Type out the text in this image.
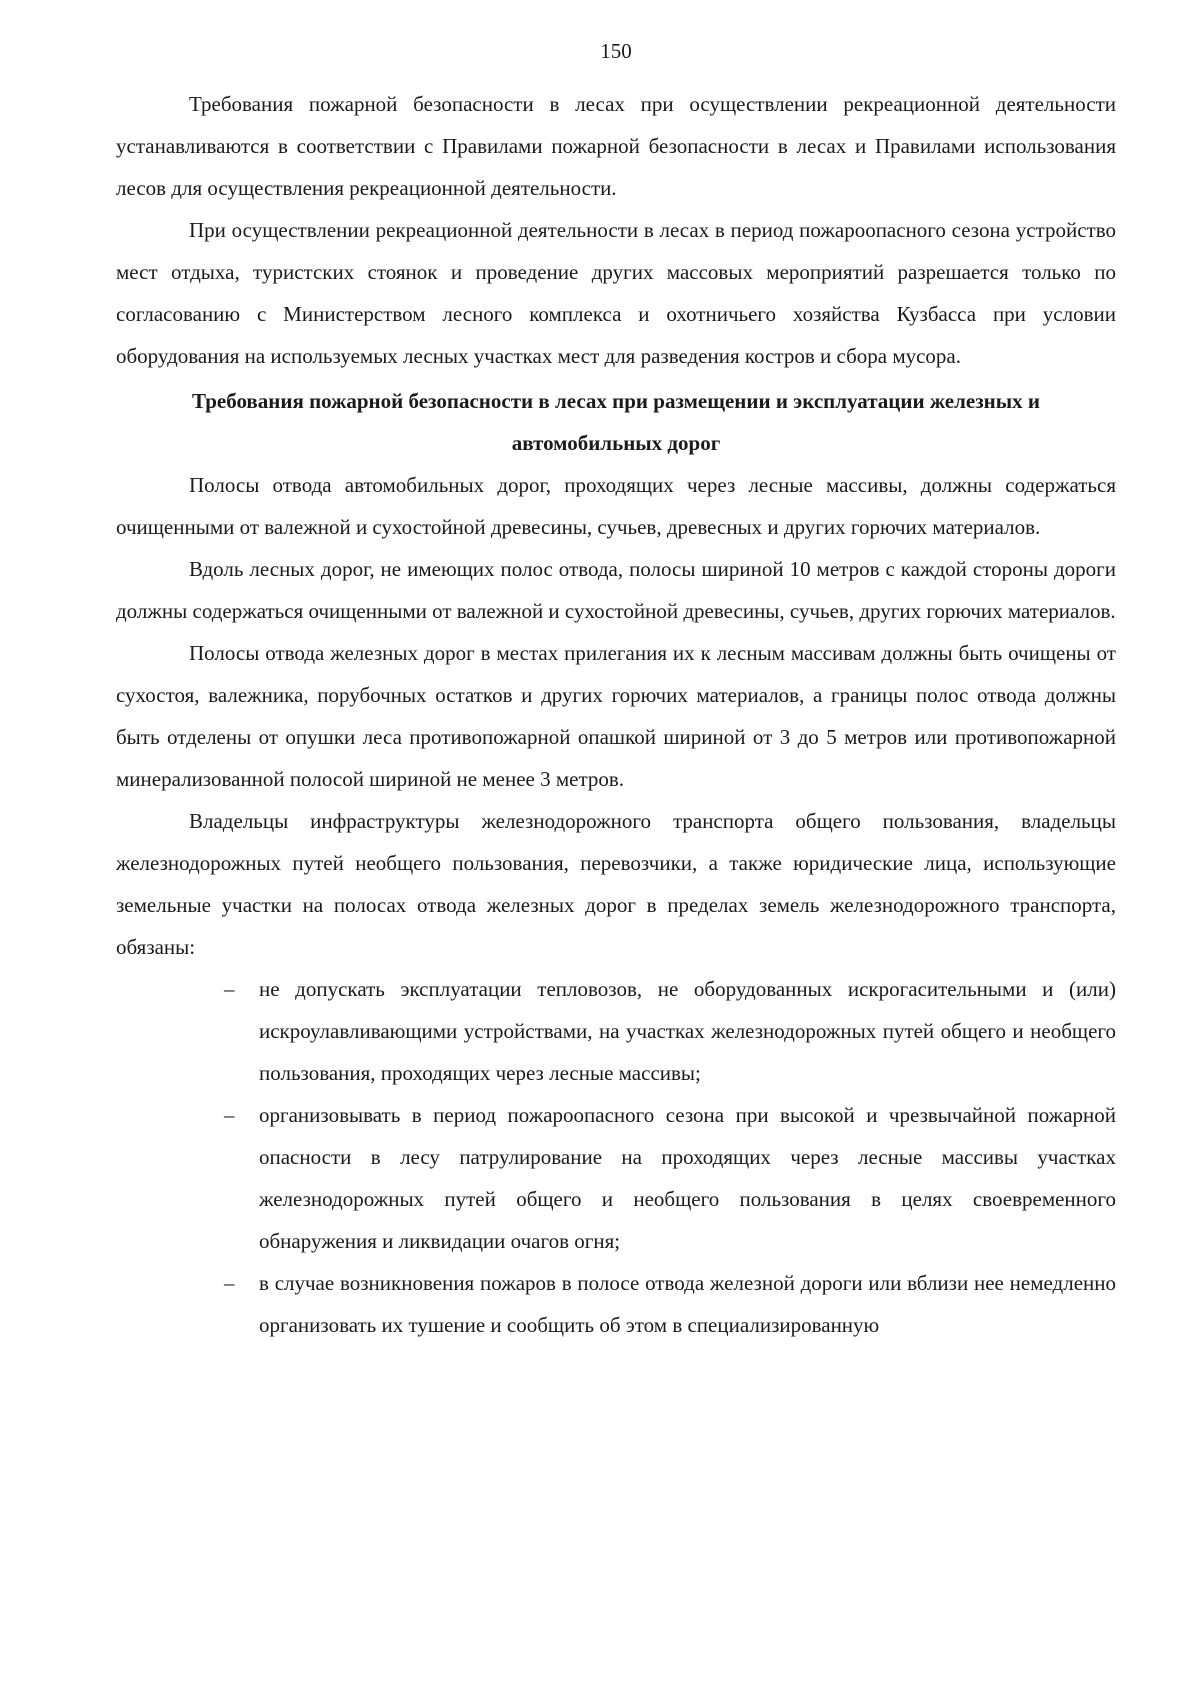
150

Требования пожарной безопасности в лесах при осуществлении рекреационной деятельности устанавливаются в соответствии с Правилами пожарной безопасности в лесах и Правилами использования лесов для осуществления рекреационной деятельности.

При осуществлении рекреационной деятельности в лесах в период пожароопасного сезона устройство мест отдыха, туристских стоянок и проведение других массовых мероприятий разрешается только по согласованию с Министерством лесного комплекса и охотничьего хозяйства Кузбасса при условии оборудования на используемых лесных участках мест для разведения костров и сбора мусора.

Требования пожарной безопасности в лесах при размещении и эксплуатации железных и автомобильных дорог

Полосы отвода автомобильных дорог, проходящих через лесные массивы, должны содержаться очищенными от валежной и сухостойной древесины, сучьев, древесных и других горючих материалов.

Вдоль лесных дорог, не имеющих полос отвода, полосы шириной 10 метров с каждой стороны дороги должны содержаться очищенными от валежной и сухостойной древесины, сучьев, других горючих материалов.

Полосы отвода железных дорог в местах прилегания их к лесным массивам должны быть очищены от сухостоя, валежника, порубочных остатков и других горючих материалов, а границы полос отвода должны быть отделены от опушки леса противопожарной опашкой шириной от 3 до 5 метров или противопожарной минерализованной полосой шириной не менее 3 метров.

Владельцы инфраструктуры железнодорожного транспорта общего пользования, владельцы железнодорожных путей необщего пользования, перевозчики, а также юридические лица, использующие земельные участки на полосах отвода железных дорог в пределах земель железнодорожного транспорта, обязаны:

– не допускать эксплуатации тепловозов, не оборудованных искрогасительными и (или) искроулавливающими устройствами, на участках железнодорожных путей общего и необщего пользования, проходящих через лесные массивы;
– организовывать в период пожароопасного сезона при высокой и чрезвычайной пожарной опасности в лесу патрулирование на проходящих через лесные массивы участках железнодорожных путей общего и необщего пользования в целях своевременного обнаружения и ликвидации очагов огня;
– в случае возникновения пожаров в полосе отвода железной дороги или вблизи нее немедленно организовать их тушение и сообщить об этом в специализированную
